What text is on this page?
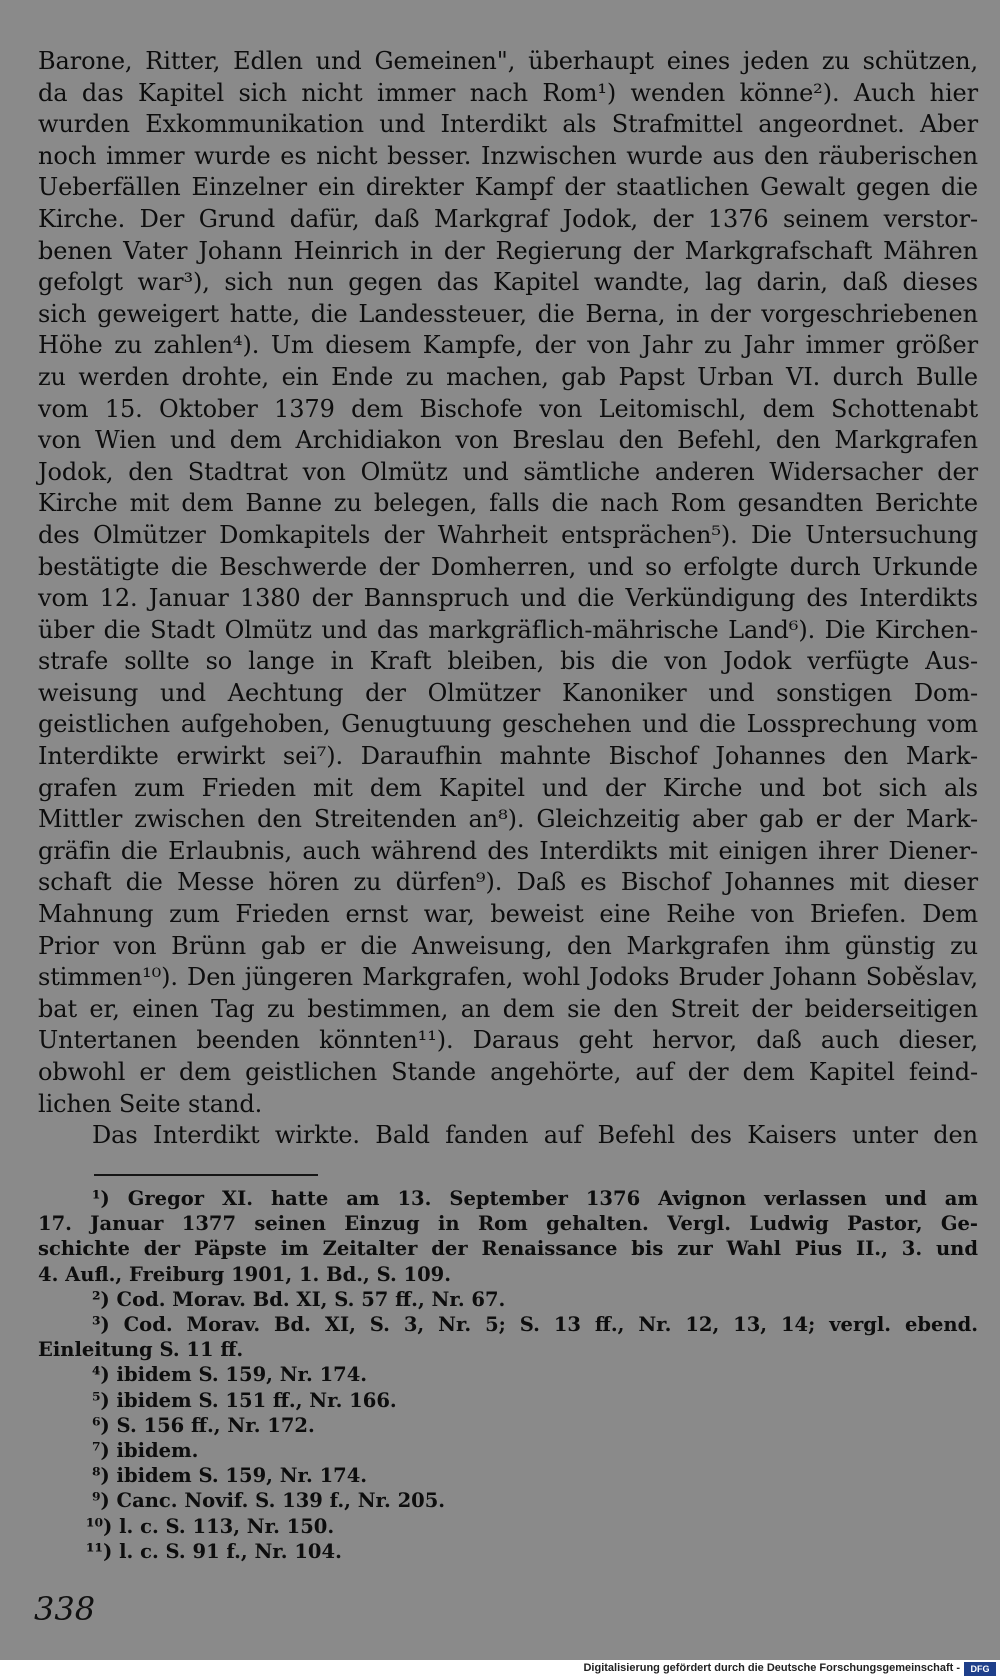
Barone, Ritter, Edlen und Gemeinen", überhaupt eines jeden zu schützen,
da das Kapitel sich nicht immer nach Rom¹) wenden könne²). Auch hier
wurden Exkommunikation und Interdikt als Strafmittel angeordnet. Aber
noch immer wurde es nicht besser. Inzwischen wurde aus den räuberischen
Ueberfällen Einzelner ein direkter Kampf der staatlichen Gewalt gegen die
Kirche. Der Grund dafür, daß Markgraf Jodok, der 1376 seinem verstor-
benen Vater Johann Heinrich in der Regierung der Markgrafschaft Mähren
gefolgt war³), sich nun gegen das Kapitel wandte, lag darin, daß dieses
sich geweigert hatte, die Landessteuer, die Berna, in der vorgeschriebenen
Höhe zu zahlen⁴). Um diesem Kampfe, der von Jahr zu Jahr immer größer
zu werden drohte, ein Ende zu machen, gab Papst Urban VI. durch Bulle
vom 15. Oktober 1379 dem Bischofe von Leitomischl, dem Schottenabt
von Wien und dem Archidiakon von Breslau den Befehl, den Markgrafen
Jodok, den Stadtrat von Olmütz und sämtliche anderen Widersacher der
Kirche mit dem Banne zu belegen, falls die nach Rom gesandten Berichte
des Olmützer Domkapitels der Wahrheit entsprächen⁵). Die Untersuchung
bestätigte die Beschwerde der Domherren, und so erfolgte durch Urkunde
vom 12. Januar 1380 der Bannspruch und die Verkündigung des Interdikts
über die Stadt Olmütz und das markgräflich-mährische Land⁶). Die Kirchen-
strafe sollte so lange in Kraft bleiben, bis die von Jodok verfügte Aus-
weisung und Aechtung der Olmützer Kanoniker und sonstigen Dom-
geistlichen aufgehoben, Genugtuung geschehen und die Lossprechung vom
Interdikte erwirkt sei⁷). Daraufhin mahnte Bischof Johannes den Mark-
grafen zum Frieden mit dem Kapitel und der Kirche und bot sich als
Mittler zwischen den Streitenden an⁸). Gleichzeitig aber gab er der Mark-
gräfin die Erlaubnis, auch während des Interdikts mit einigen ihrer Diener-
schaft die Messe hören zu dürfen⁹). Daß es Bischof Johannes mit dieser
Mahnung zum Frieden ernst war, beweist eine Reihe von Briefen. Dem
Prior von Brünn gab er die Anweisung, den Markgrafen ihm günstig zu
stimmen¹⁰). Den jüngeren Markgrafen, wohl Jodoks Bruder Johann Soběslav,
bat er, einen Tag zu bestimmen, an dem sie den Streit der beiderseitigen
Untertanen beenden könnten¹¹). Daraus geht hervor, daß auch dieser,
obwohl er dem geistlichen Stande angehörte, auf der dem Kapitel feind-
lichen Seite stand.
Das Interdikt wirkte. Bald fanden auf Befehl des Kaisers unter den
¹) Gregor XI. hatte am 13. September 1376 Avignon verlassen und am
17. Januar 1377 seinen Einzug in Rom gehalten. Vergl. Ludwig Pastor, Ge-
schichte der Päpste im Zeitalter der Renaissance bis zur Wahl Pius II., 3. und
4. Aufl., Freiburg 1901, 1. Bd., S. 109.
²) Cod. Morav. Bd. XI, S. 57 ff., Nr. 67.
³) Cod. Morav. Bd. XI, S. 3, Nr. 5; S. 13 ff., Nr. 12, 13, 14; vergl. ebend.
Einleitung S. 11 ff.
⁴) ibidem S. 159, Nr. 174.
⁵) ibidem S. 151 ff., Nr. 166.
⁶) S. 156 ff., Nr. 172.
⁷) ibidem.
⁸) ibidem S. 159, Nr. 174.
⁹) Canc. Novif. S. 139 f., Nr. 205.
¹⁰) l. c. S. 113, Nr. 150.
¹¹) l. c. S. 91 f., Nr. 104.
338
Digitalisierung gefördert durch die Deutsche Forschungsgemeinschaft -	DFG
